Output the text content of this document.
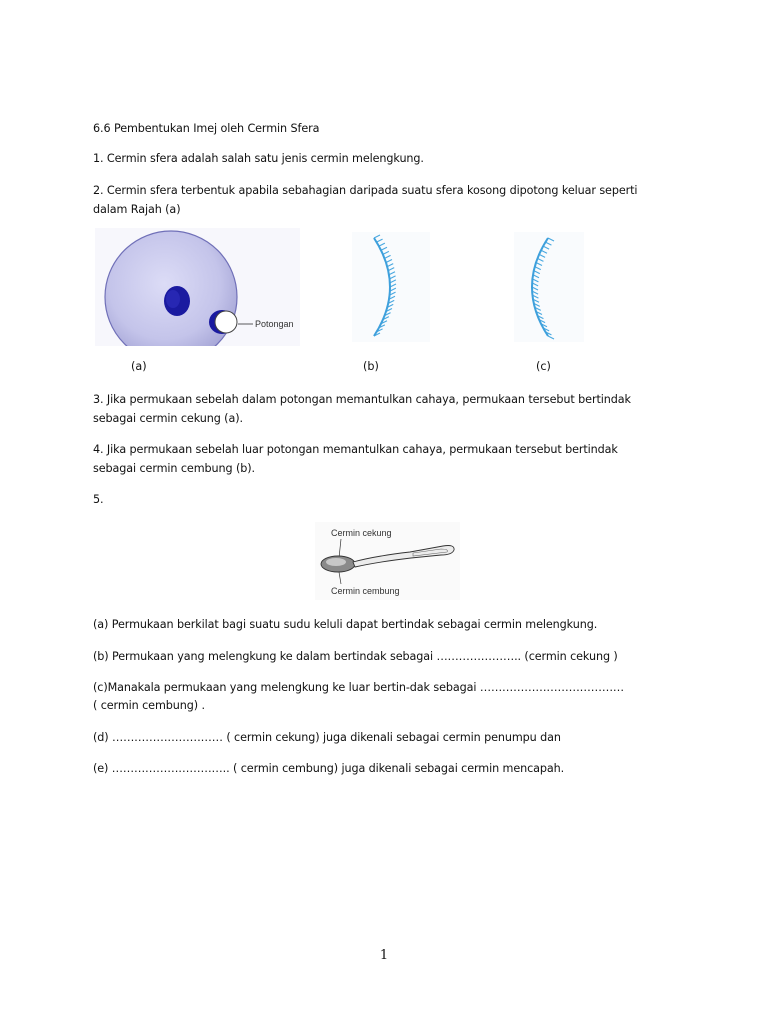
6.6 Pembentukan Imej oleh Cermin Sfera

1. Cermin sfera adalah salah satu jenis cermin melengkung.

2. Cermin sfera terbentuk apabila sebahagian daripada suatu sfera kosong dipotong keluar seperti

dalam Rajah (a)

Potongan
(a)	(b)	(c)

3. Jika permukaan sebelah dalam potongan memantulkan cahaya, permukaan tersebut bertindak

sebagai cermin cekung (a).

4. Jika permukaan sebelah luar potongan memantulkan cahaya, permukaan tersebut bertindak

sebagai cermin cembung (b).

5.

Cermin cekung
Cermin cembung

(a) Permukaan berkilat bagi suatu sudu keluli dapat bertindak sebagai cermin melengkung.

(b) Permukaan yang melengkung ke dalam bertindak sebagai ………………….. (cermin cekung )

(c)Manakala permukaan yang melengkung ke luar bertin-dak sebagai …………………………………

( cermin cembung) .

(d) ………………………… ( cermin cekung) juga dikenali sebagai cermin penumpu dan

(e) ………………………….. ( cermin cembung) juga dikenali sebagai cermin mencapah.

1
